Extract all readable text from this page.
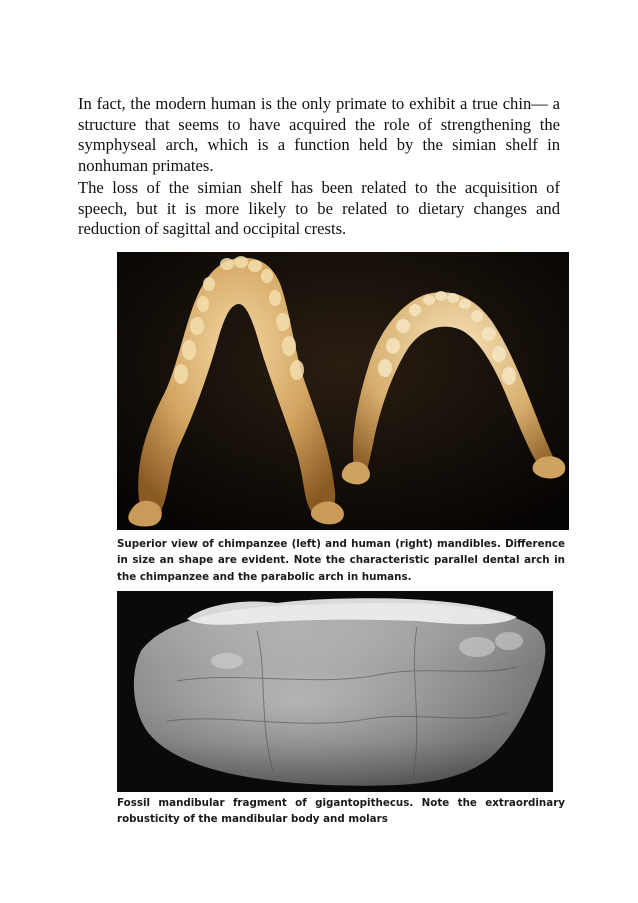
In fact, the modern human is the only primate to exhibit a true chin— a structure that seems to have acquired the role of strengthening the symphyseal arch, which is a function held by the simian shelf in nonhuman primates.

The loss of the simian shelf has been related to the acquisition of speech, but it is more likely to be related to dietary changes and reduction of sagittal and occipital crests.

Superior view of chimpanzee (left) and human (right) mandibles. Difference in size an shape are evident. Note the characteristic parallel dental arch in the chimpanzee and the parabolic arch in humans.

Fossil mandibular fragment of gigantopithecus. Note the extraordinary robusticity of the mandibular body and molars
